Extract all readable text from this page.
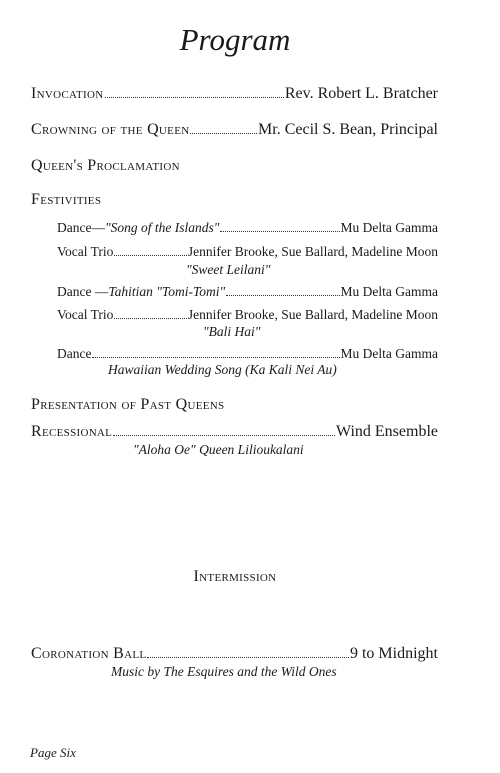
Program
Invocation	Rev. Robert L. Bratcher
Crowning of the Queen	Mr. Cecil S. Bean, Principal
Queen's Proclamation
Festivities
Dance— "Song of the Islands"	Mu Delta Gamma
Vocal Trio	Jennifer Brooke, Sue Ballard, Madeline Moon
"Sweet Leilani"
Dance — Tahitian "Tomi-Tomi"	Mu Delta Gamma
Vocal Trio	Jennifer Brooke, Sue Ballard, Madeline Moon
"Bali Hai"
Dance	Mu Delta Gamma
Hawaiian Wedding Song (Ka Kali Nei Au)
Presentation of Past Queens
Recessional	Wind Ensemble
"Aloha Oe" Queen Lilioukalani
Intermission
Coronation Ball	9 to Midnight
Music by The Esquires and the Wild Ones
Page Six
